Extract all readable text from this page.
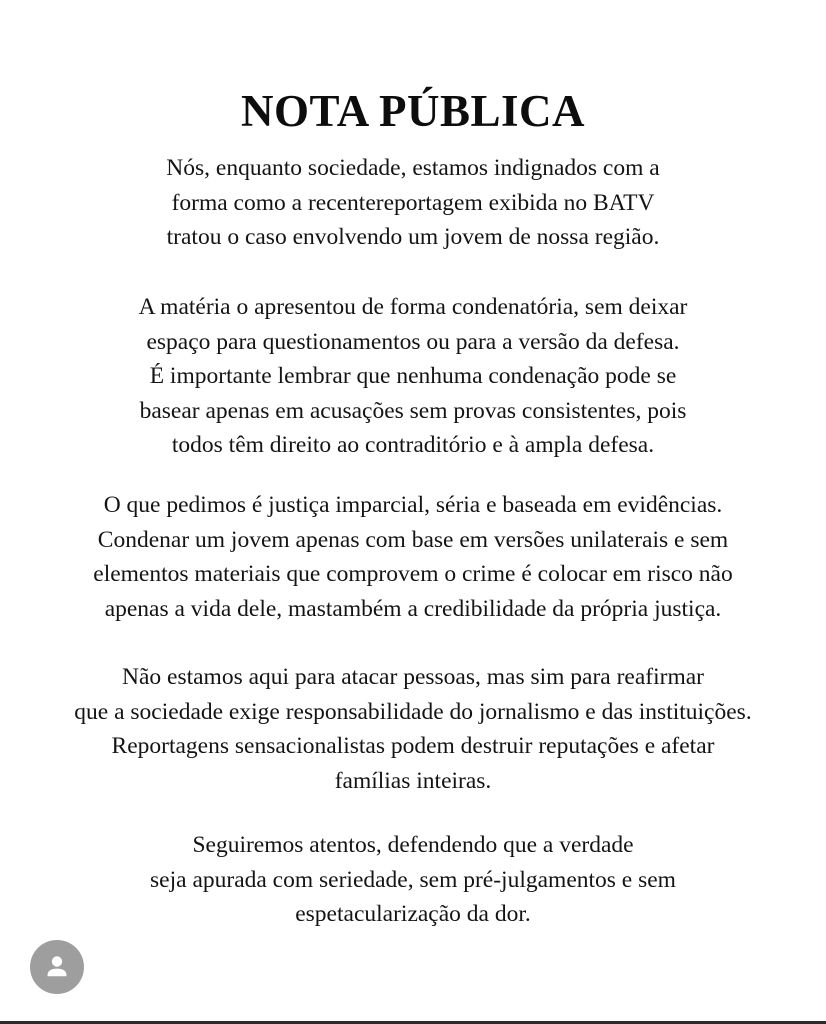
NOTA PÚBLICA
Nós, enquanto sociedade, estamos indignados com a
forma como a recentereportagem exibida no BATV
tratou o caso envolvendo um jovem de nossa região.
A matéria o apresentou de forma condenatória, sem deixar
espaço para questionamentos ou para a versão da defesa.
É importante lembrar que nenhuma condenação pode se
basear apenas em acusações sem provas consistentes, pois
todos têm direito ao contraditório e à ampla defesa.
O que pedimos é justiça imparcial, séria e baseada em evidências.
Condenar um jovem apenas com base em versões unilaterais e sem
elementos materiais que comprovem o crime é colocar em risco não
apenas a vida dele, mastambém a credibilidade da própria justiça.
Não estamos aqui para atacar pessoas, mas sim para reafirmar
que a sociedade exige responsabilidade do jornalismo e das instituições.
Reportagens sensacionalistas podem destruir reputações e afetar
famílias inteiras.
Seguiremos atentos, defendendo que a verdade
seja apurada com seriedade, sem pré-julgamentos e sem
espetacularização da dor.
